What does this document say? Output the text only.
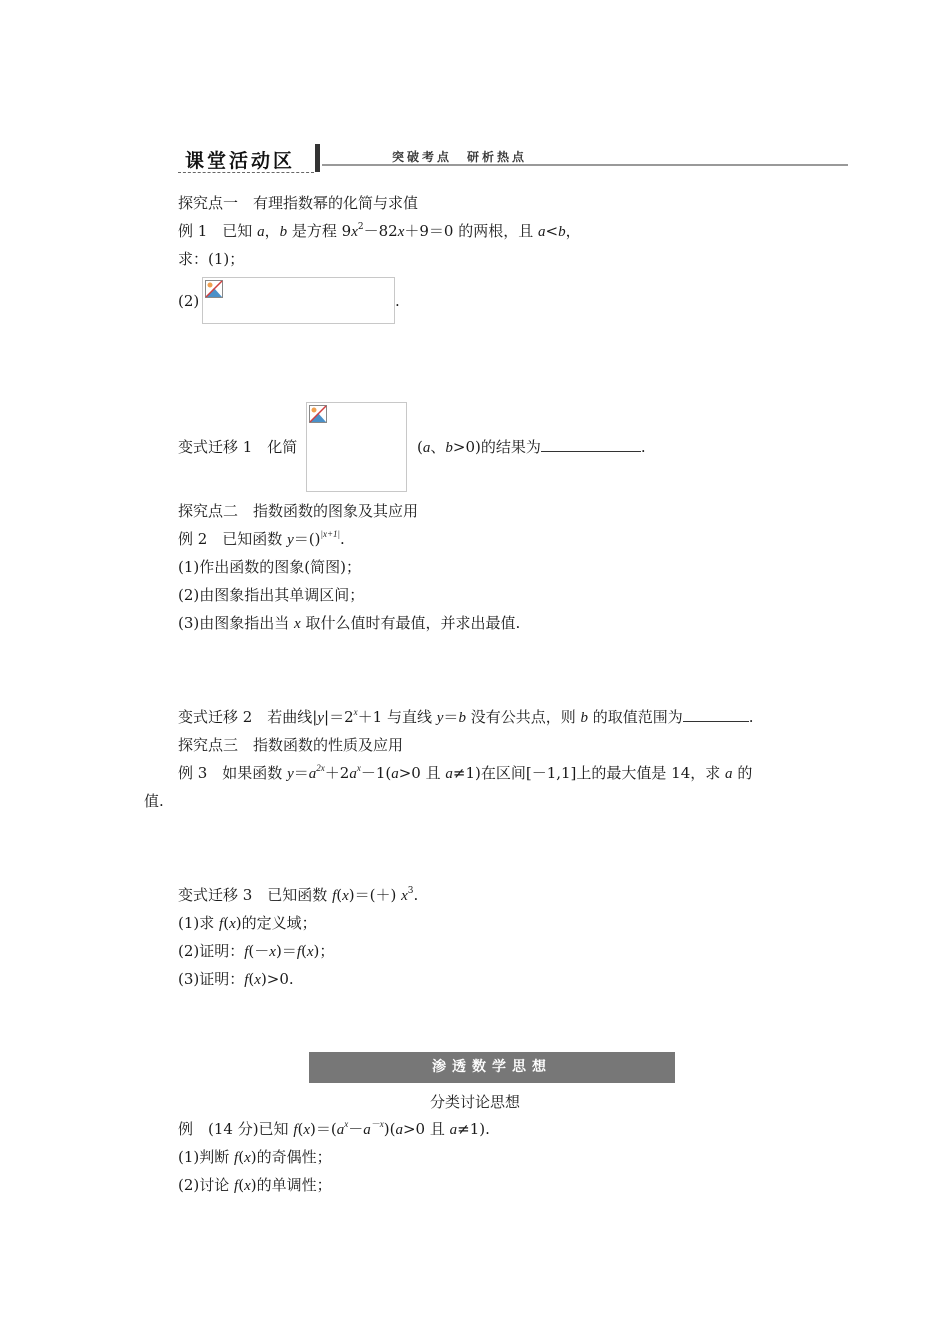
课堂活动区	突破考点　研析热点
探究点一　有理指数幂的化简与求值
例 1　已知 a，b 是方程 $9x^2-82x+9=0$ 的两根，且 a<b，
求：(1)；
(2)	.
变式迁移 1　化简	(a、b>0)的结果为	.
探究点二　指数函数的图象及其应用
例 2　已知函数 y＝()$^{|x+1|}$.
(1)作出函数的图象(简图)；
(2)由图象指出其单调区间；
(3)由图象指出当 x 取什么值时有最值，并求出最值.
变式迁移 2　若曲线$|y|=2^x+1$ 与直线 y＝b 没有公共点，则 b 的取值范围为	.
探究点三　指数函数的性质及应用
例 3　如果函数 $y=a^{2x}+2a^x-1(a>0$ 且 a≠1)在区间[－1,1]上的最大值是 14，求 a 的
值.
变式迁移 3　已知函数 f(x)＝(＋) $x^3$.
(1)求 f(x)的定义域；
(2)证明：f(－x)＝f(x)；
(3)证明：f(x)>0.
渗透数学思想
分类讨论思想
例　(14 分)已知 $f(x)=(a^x-a^{-x})(a>0$ 且 a≠1).
(1)判断 f(x)的奇偶性；
(2)讨论 f(x)的单调性；
